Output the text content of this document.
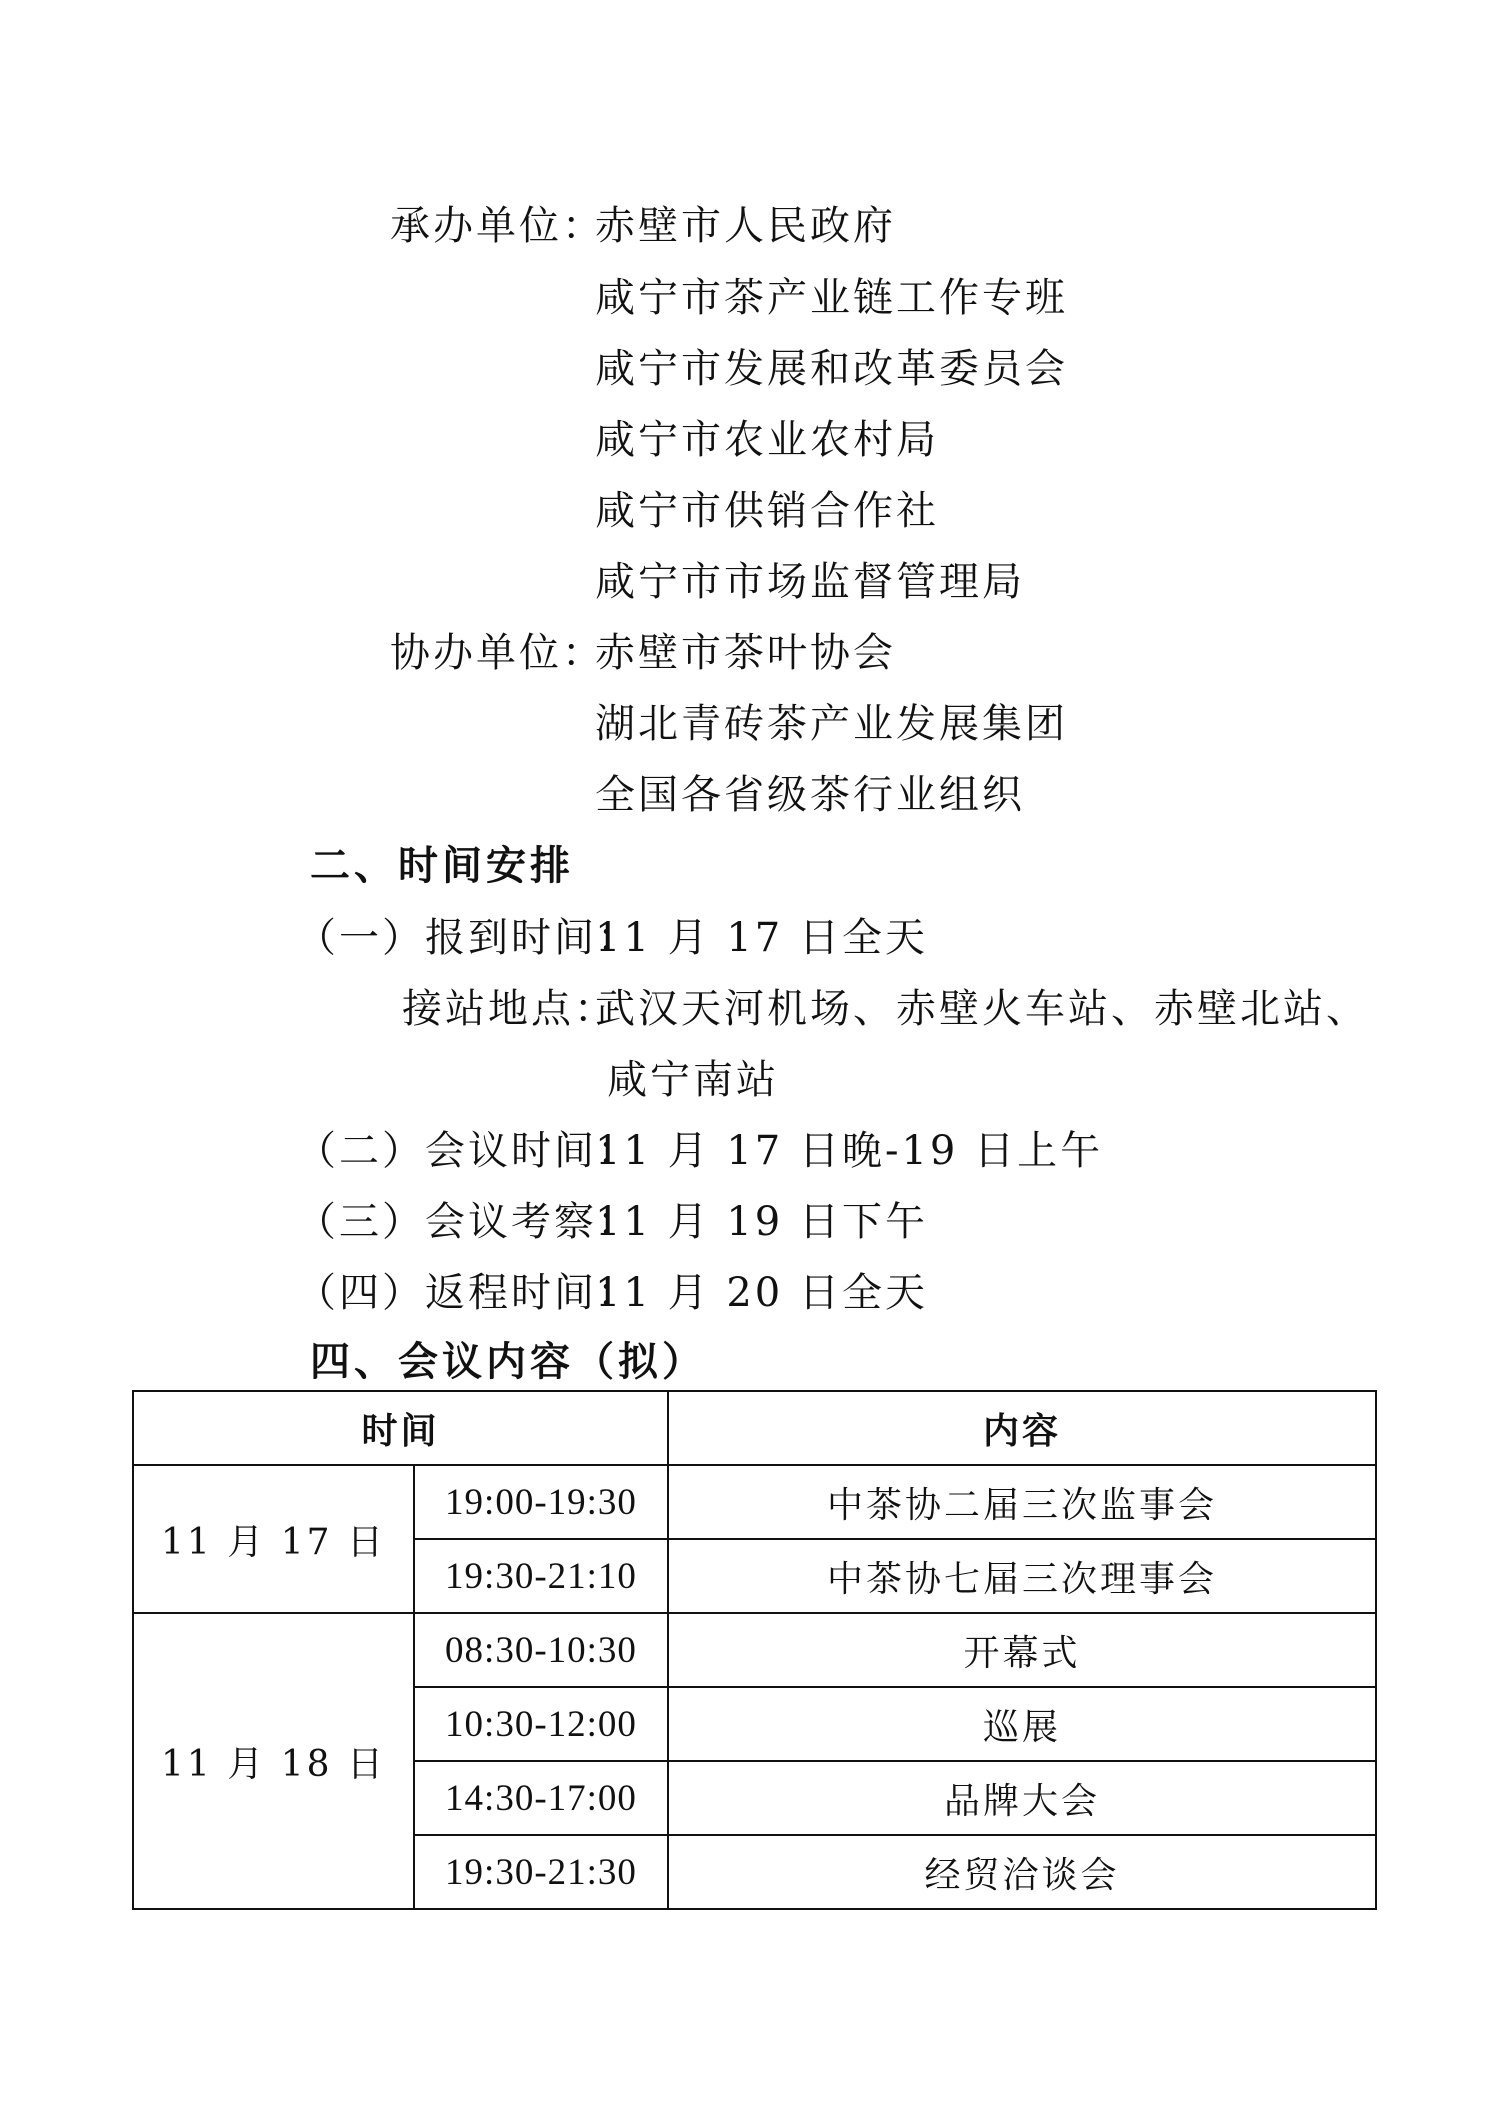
承办单位：
赤壁市人民政府
咸宁市茶产业链工作专班
咸宁市发展和改革委员会
咸宁市农业农村局
咸宁市供销合作社
咸宁市市场监督管理局
协办单位：
赤壁市茶叶协会
湖北青砖茶产业发展集团
全国各省级茶行业组织
二、时间安排
（一）报到时间：
11 月 17 日全天
接站地点：
武汉天河机场、赤壁火车站、赤壁北站、
咸宁南站
（二）会议时间：
11 月 17 日晚-19 日上午
（三）会议考察：
11 月 19 日下午
（四）返程时间：
11 月 20 日全天
四、会议内容（拟）
时间		内容
11 月 17 日	19:00-19:30	中茶协二届三次监事会
	19:30-21:10	中茶协七届三次理事会
11 月 18 日	08:30-10:30	开幕式
	10:30-12:00	巡展
	14:30-17:00	品牌大会
	19:30-21:30	经贸洽谈会
